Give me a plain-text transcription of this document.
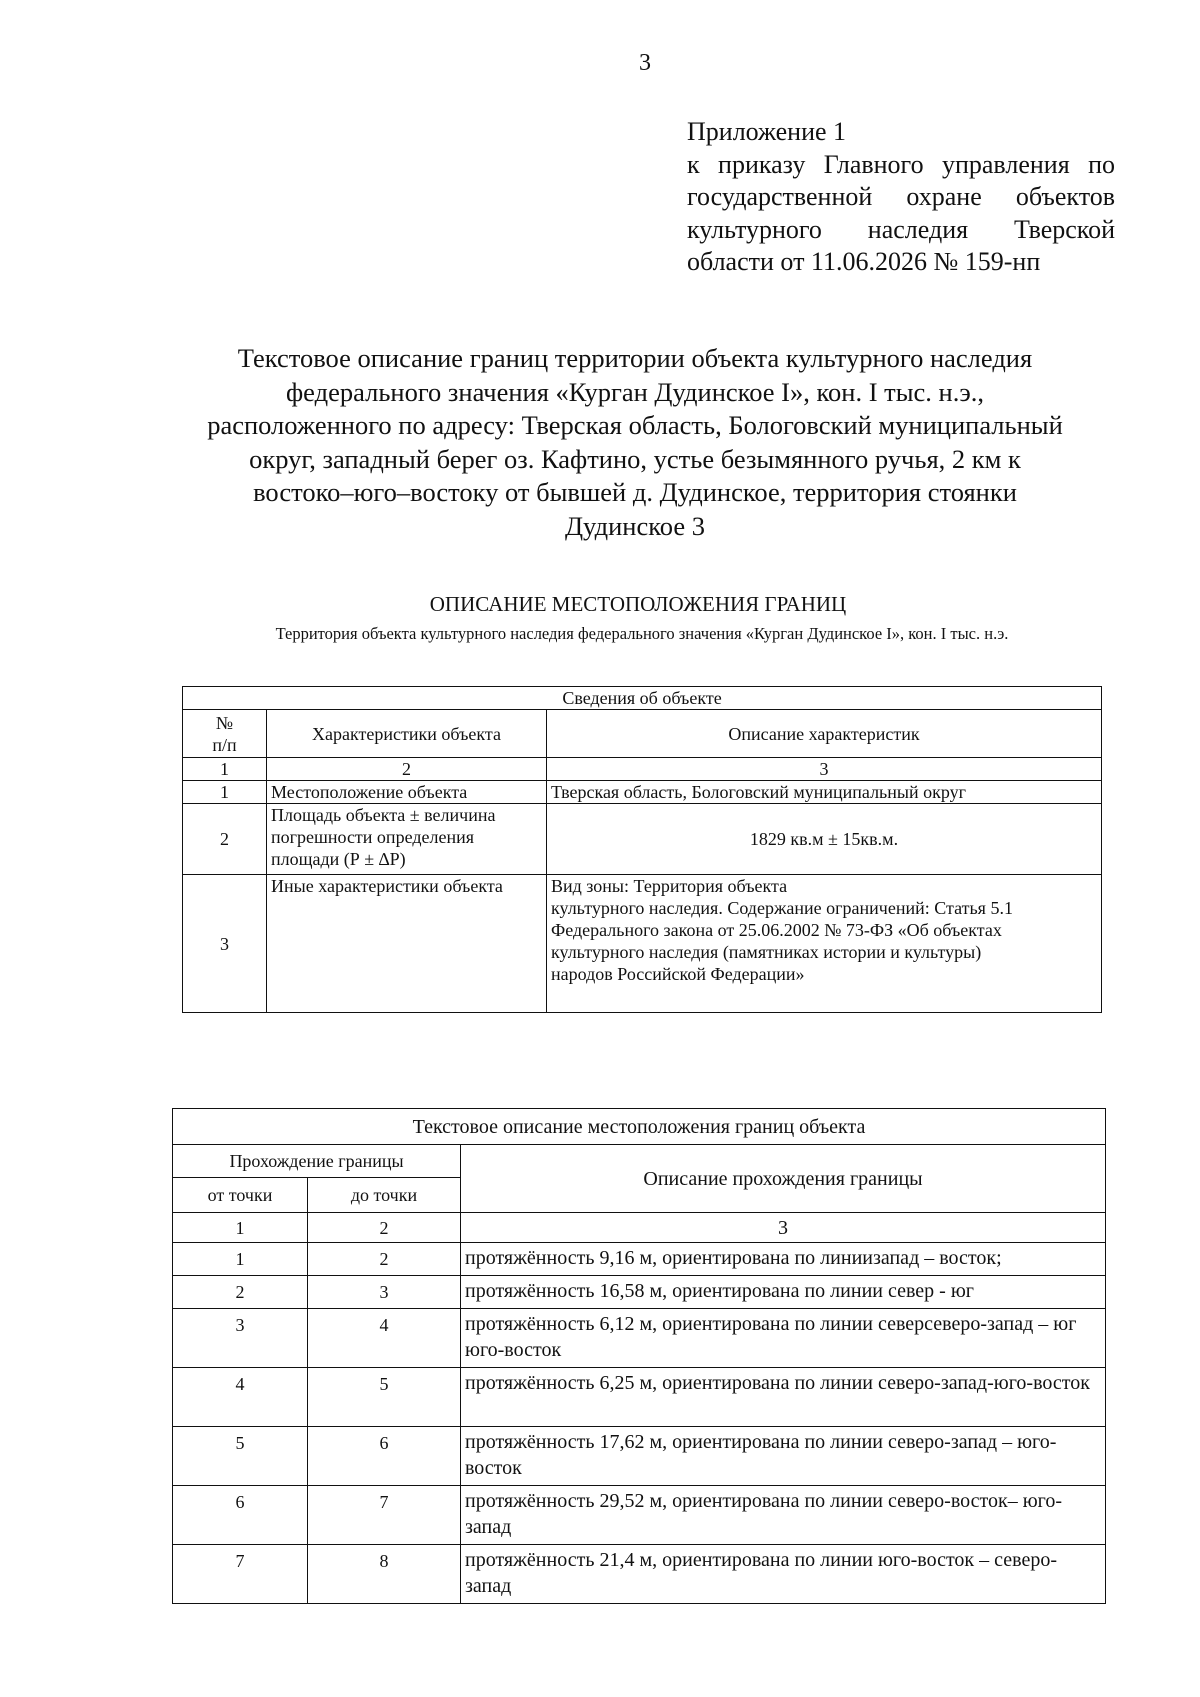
3
Приложение 1
к приказу Главного управления по
государственной охране объектов
культурного наследия Тверской
области от 11.06.2026 № 159-нп
Текстовое описание границ территории объекта культурного наследия
федерального значения «Курган Дудинское I», кон. I тыс. н.э.,
расположенного по адресу: Тверская область, Бологовский муниципальный
округ, западный берег оз. Кафтино, устье безымянного ручья, 2 км к
востоко–юго–востоку от бывшей д. Дудинское, территория стоянки
Дудинское 3
ОПИСАНИЕ МЕСТОПОЛОЖЕНИЯ ГРАНИЦ
Территория объекта культурного наследия федерального значения «Курган Дудинское I», кон. I тыс. н.э.
Сведения об объекте		
№
п/п	Характеристики объекта	Описание характеристик
1	2	3
1	Местоположение объекта	Тверская область, Бологовский муниципальный округ
2	Площадь объекта ± величина погрешности определения площади (Р ± ∆Р)	1829 кв.м ± 15кв.м.
3	Иные характеристики объекта	Вид зоны: Территория объекта
культурного наследия. Содержание ограничений: Статья 5.1
Федерального закона от 25.06.2002 № 73-ФЗ «Об объектах
культурного наследия (памятниках истории и культуры)
народов Российской Федерации»
Текстовое описание местоположения границ объекта		
Прохождение границы		Описание прохождения границы
от точки	до точки	
1	2	3
1	2	протяжённость 9,16 м, ориентирована по линиизапад – восток;
2	3	протяжённость 16,58 м, ориентирована по линии север - юг
3	4	протяжённость 6,12 м, ориентирована по линии северсеверо-запад – юг юго-восток
4	5	протяжённость 6,25 м, ориентирована по линии северо-запад-юго-восток
5	6	протяжённость 17,62 м, ориентирована по линии северо-запад – юго-восток
6	7	протяжённость 29,52 м, ориентирована по линии северо-восток– юго-запад
7	8	протяжённость 21,4 м, ориентирована по линии юго-восток – северо-запад
